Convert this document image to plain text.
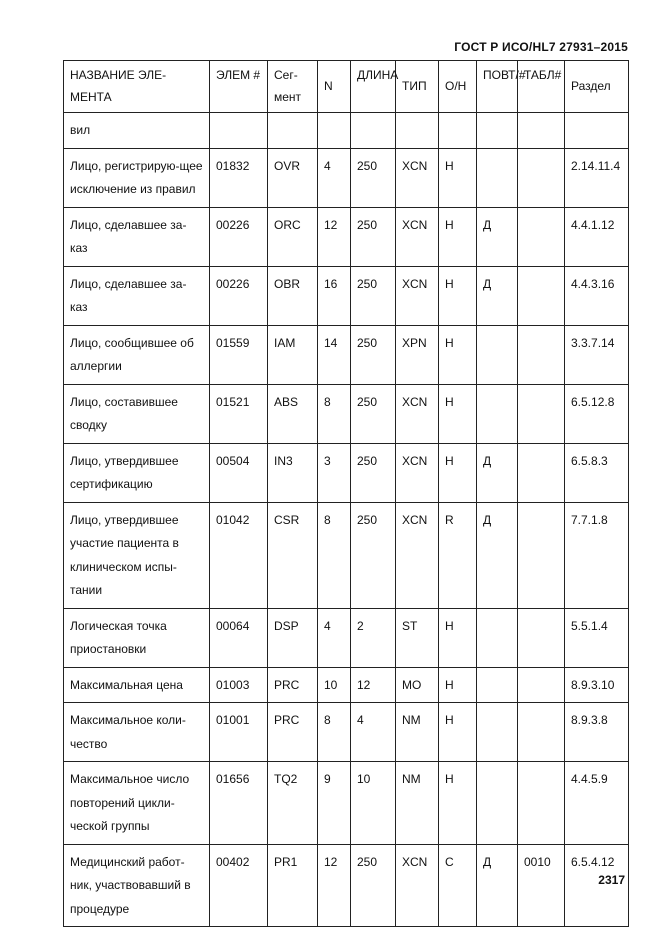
ГОСТ Р ИСО/HL7 27931–2015
НАЗВАНИЕ ЭЛЕ-МЕНТА	ЭЛЕМ #	Сег-мент	N	ДЛИНА	ТИП	О/Н	ПОВТ/#	ТАБЛ#	Раздел
вил									
Лицо, регистрирую-щее исключение из правил	01832	OVR	4	250	XCN	Н			2.14.11.4
Лицо, сделавшее за-каз	00226	ORC	12	250	XCN	Н	Д		4.4.1.12
Лицо, сделавшее за-каз	00226	OBR	16	250	XCN	Н	Д		4.4.3.16
Лицо, сообщившее об аллергии	01559	IAM	14	250	XPN	Н			3.3.7.14
Лицо, составившее сводку	01521	ABS	8	250	XCN	Н			6.5.12.8
Лицо, утвердившее сертификацию	00504	IN3	3	250	XCN	Н	Д		6.5.8.3
Лицо, утвердившее участие пациента в клиническом испы-тании	01042	CSR	8	250	XCN	R	Д		7.7.1.8
Логическая точка приостановки	00064	DSP	4	2	ST	Н			5.5.1.4
Максимальная цена	01003	PRC	10	12	MO	Н			8.9.3.10
Максимальное коли-чество	01001	PRC	8	4	NM	Н			8.9.3.8
Максимальное число повторений цикли-ческой группы	01656	TQ2	9	10	NM	Н			4.4.5.9
Медицинский работ-ник, участвовавший в процедуре	00402	PR1	12	250	XCN	С	Д	0010	6.5.4.12
2317
